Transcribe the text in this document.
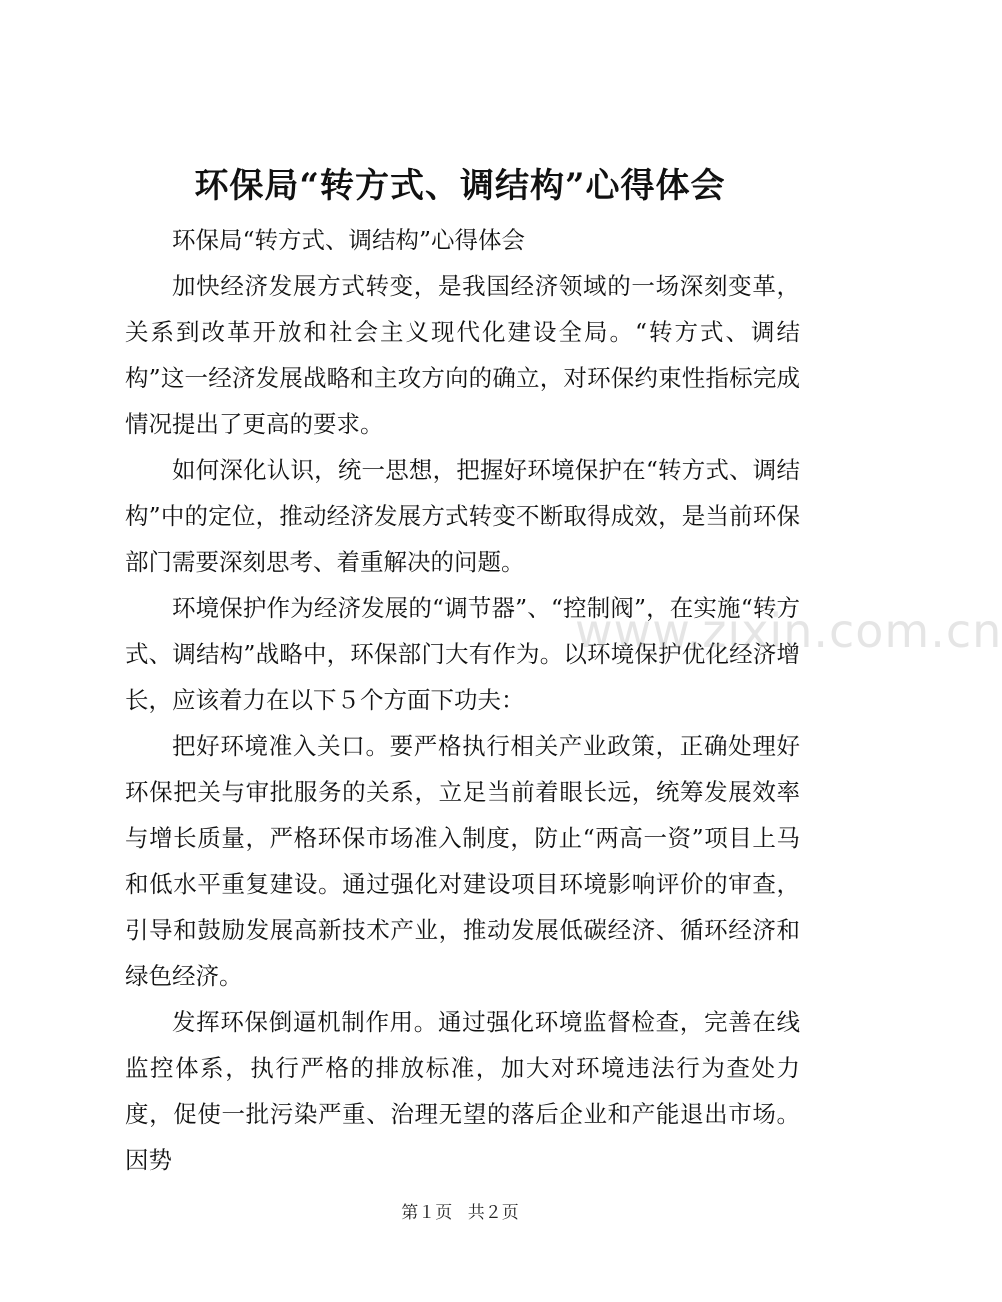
环保局“转方式、调结构”心得体会

环保局“转方式、调结构”心得体会

加快经济发展方式转变，是我国经济领域的一场深刻变革，关系到改革开放和社会主义现代化建设全局。“转方式、调结构”这一经济发展战略和主攻方向的确立，对环保约束性指标完成情况提出了更高的要求。

如何深化认识，统一思想，把握好环境保护在“转方式、调结构”中的定位，推动经济发展方式转变不断取得成效，是当前环保部门需要深刻思考、着重解决的问题。

环境保护作为经济发展的“调节器”、“控制阀”，在实施“转方式、调结构”战略中，环保部门大有作为。以环境保护优化经济增长，应该着力在以下５个方面下功夫：

把好环境准入关口。要严格执行相关产业政策，正确处理好环保把关与审批服务的关系，立足当前着眼长远，统筹发展效率与增长质量，严格环保市场准入制度，防止“两高一资”项目上马和低水平重复建设。通过强化对建设项目环境影响评价的审查，引导和鼓励发展高新技术产业，推动发展低碳经济、循环经济和绿色经济。

发挥环保倒逼机制作用。通过强化环境监督检查，完善在线监控体系，执行严格的排放标准，加大对环境违法行为查处力度，促使一批污染严重、治理无望的落后企业和产能退出市场。因势

www.zixin.com.cn
第１页 共２页
